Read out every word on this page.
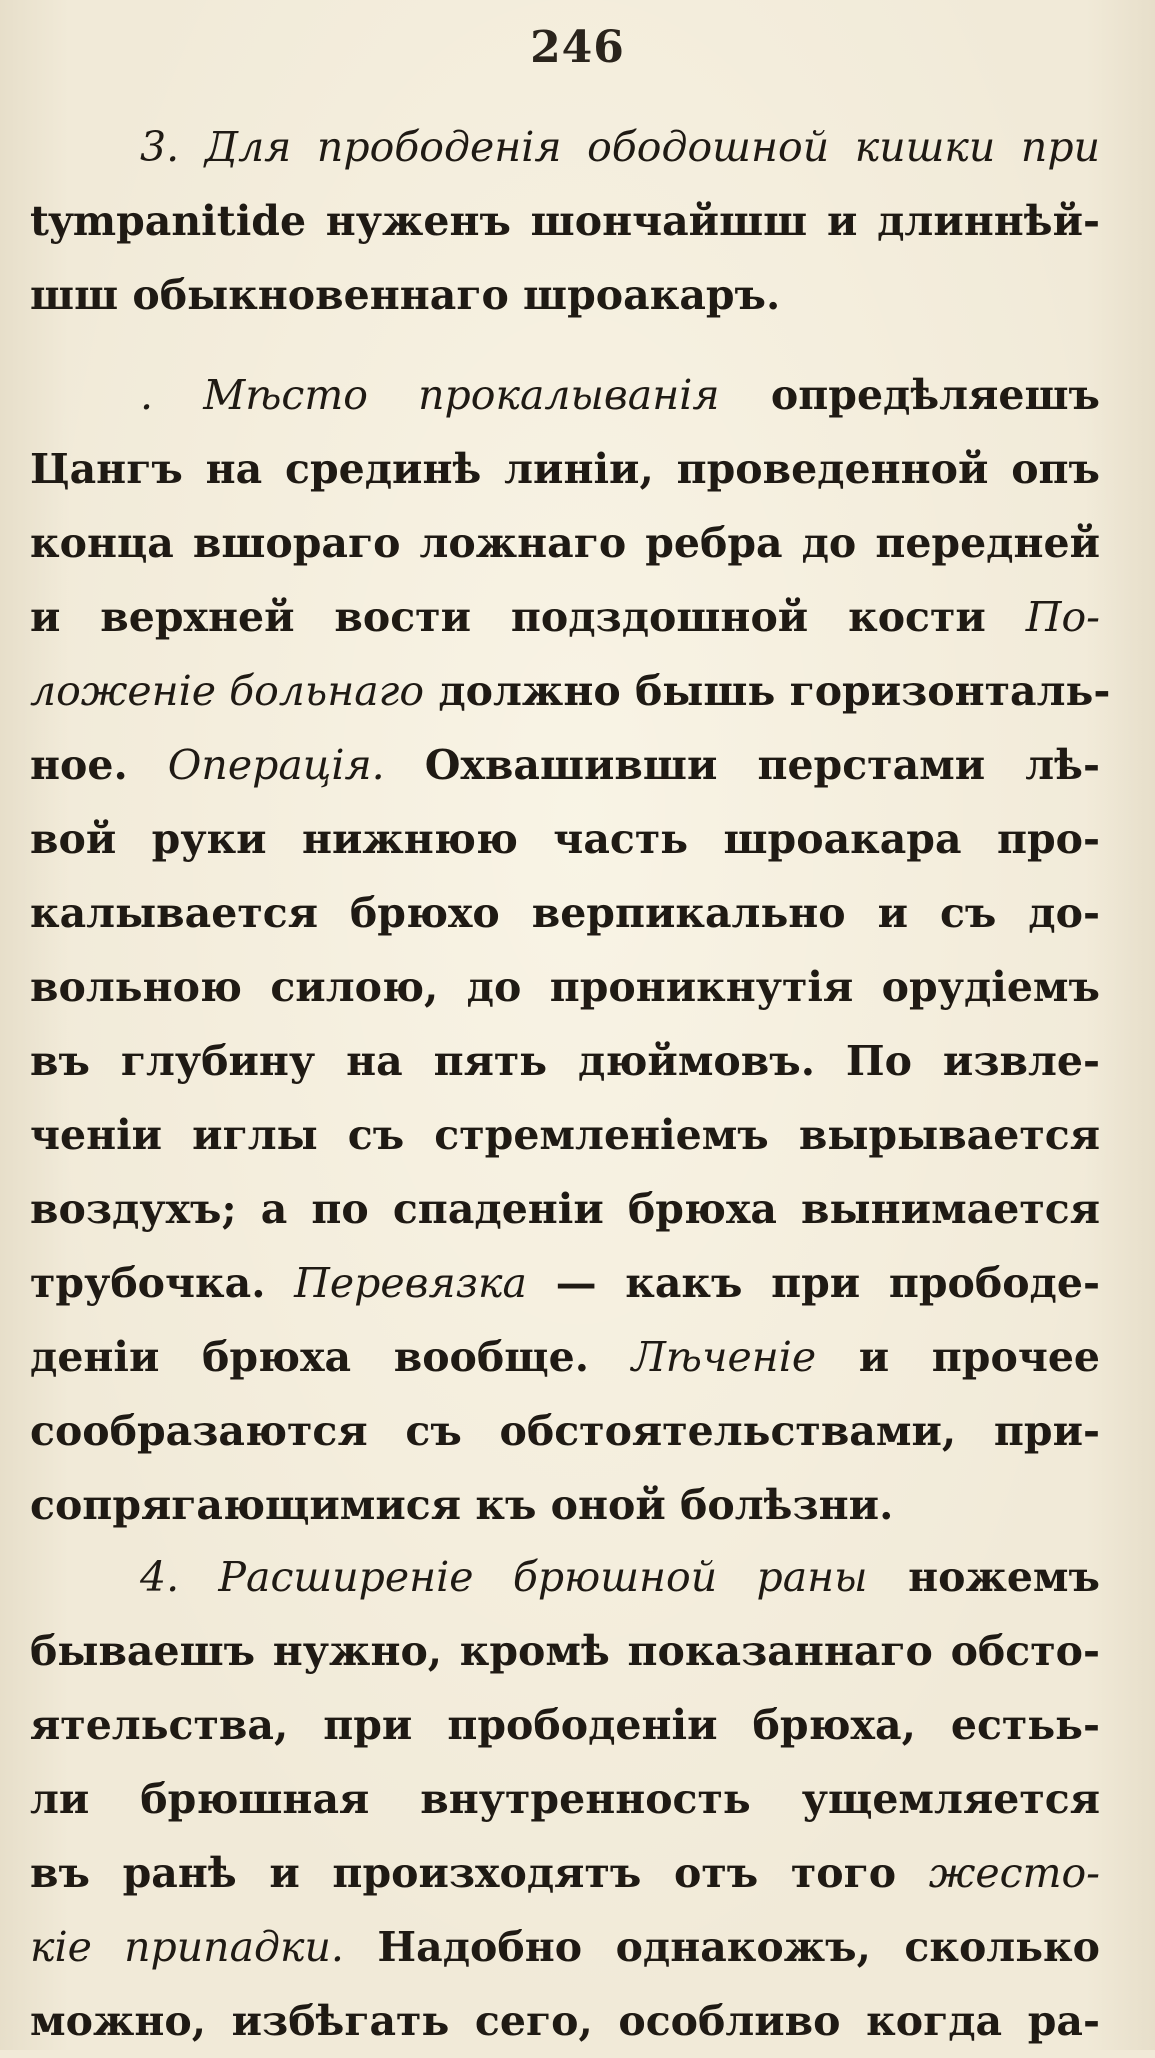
246
3. Для прободенія ободошной кишки при
tympanitide нуженъ шончайшш и длиннѣй-
шш обыкновеннаго шроакаръ.
. Мѣсто прокалыванія опредѣляешъ
Цангъ на срединѣ линіи, проведенной опъ
конца вшораго ложнаго ребра до передней
и верхней вости подздошной кости По-
ложеніе больнаго должно бышь горизонталь-
ное. Операція. Охвашивши перстами лѣ-
вой руки нижнюю часть шроакара про-
калывается брюхо верпикально и съ до-
вольною силою, до проникнутія орудіемъ
въ глубину на пять дюймовъ. По извле-
ченіи иглы съ стремленіемъ вырывается
воздухъ; а по спаденіи брюха вынимается
трубочка. Перевязка — какъ при прободе-
деніи брюха вообще. Лѣченіе и прочее
сообразаются съ обстоятельствами, при-
сопрягающимися къ оной болѣзни.
4. Расширеніе брюшной раны ножемъ
бываешъ нужно, кромѣ показаннаго обсто-
ятельства, при прободеніи брюха, естьь-
ли брюшная внутренность ущемляется
въ ранѣ и произходятъ отъ того жесто-
кіе припадки. Надобно однакожъ, сколько
можно, избѣгать сего, особливо когда ра-
